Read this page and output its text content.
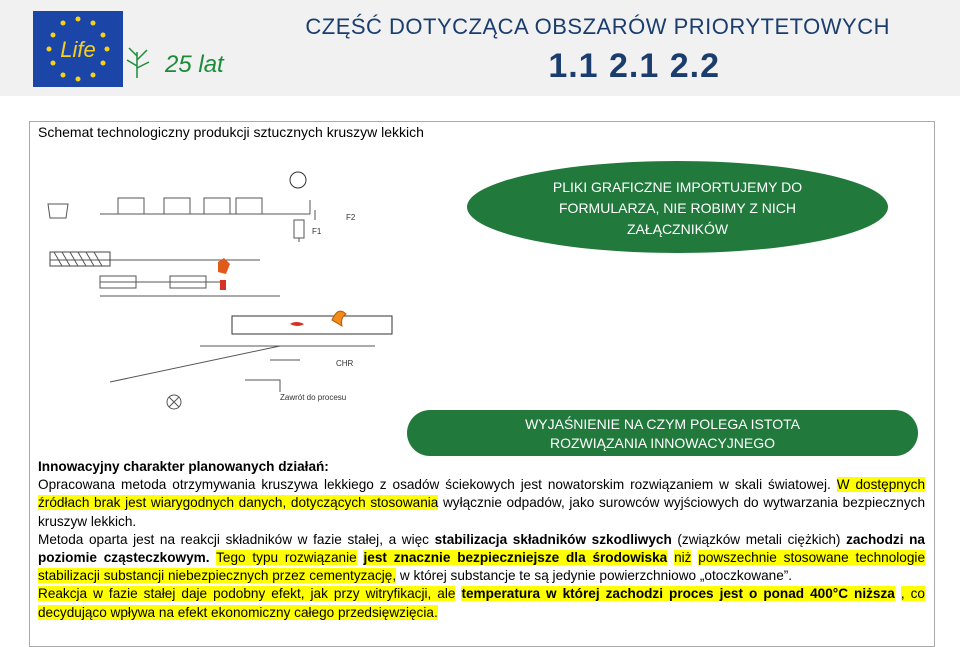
Life
25 lat
CZĘŚĆ DOTYCZĄCA OBSZARÓW PRIORYTETOWYCH
1.1 2.1 2.2
Schemat technologiczny produkcji sztucznych kruszyw lekkich
CHR
Zawrót do procesu
F1
F2
PLIKI GRAFICZNE IMPORTUJEMY DO
FORMULARZA, NIE ROBIMY Z NICH
ZAŁĄCZNIKÓW
WYJAŚNIENIE NA CZYM POLEGA ISTOTA
ROZWIĄZANIA INNOWACYJNEGO

Innowacyjny charakter planowanych działań:

Opracowana metoda otrzymywania kruszywa lekkiego z osadów ściekowych jest nowatorskim rozwiązaniem w skali światowej. W dostępnych źródłach brak jest wiarygodnych danych, dotyczących stosowania wyłącznie odpadów, jako surowców wyjściowych do wytwarzania bezpiecznych kruszyw lekkich.

Metoda oparta jest na reakcji składników w fazie stałej, a więc stabilizacja składników szkodliwych (związków metali ciężkich) zachodzi na poziomie cząsteczkowym. Tego typu rozwiązanie jest znacznie bezpieczniejsze dla środowiska niż powszechnie stosowane technologie stabilizacji substancji niebezpiecznych przez cementyzację, w której substancje te są jedynie powierzchniowo „otoczkowane”.

Reakcja w fazie stałej daje podobny efekt, jak przy witryfikacji, ale temperatura w której zachodzi proces jest o ponad 400°C niższa , co decydująco wpływa na efekt ekonomiczny całego przedsięwzięcia.
